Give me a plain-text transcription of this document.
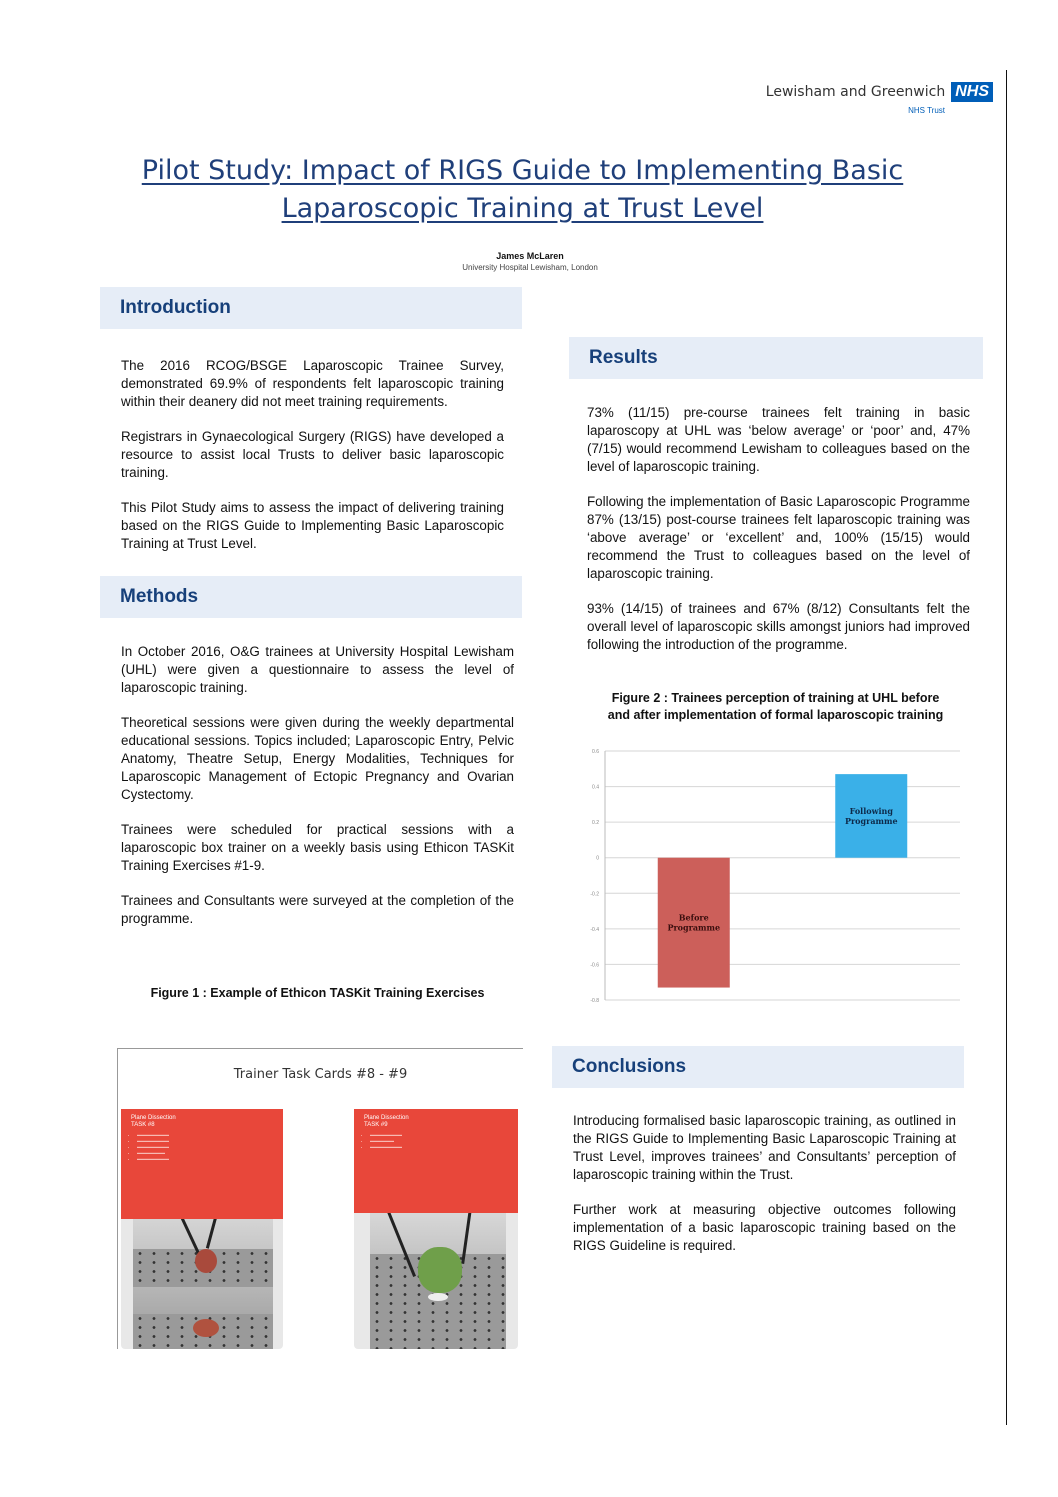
Lewisham and Greenwich NHS
NHS Trust
Pilot Study: Impact of RIGS Guide to Implementing Basic
Laparoscopic Training at Trust Level
James McLaren
University Hospital Lewisham, London
Introduction

The 2016 RCOG/BSGE Laparoscopic Trainee Survey, demonstrated 69.9% of respondents felt laparoscopic training within their deanery did not meet training requirements.

Registrars in Gynaecological Surgery (RIGS) have developed a resource to assist local Trusts to deliver basic laparoscopic training.

This Pilot Study aims to assess the impact of delivering training based on the RIGS Guide to Implementing Basic Laparoscopic Training at Trust Level.

Methods

In October 2016, O&G trainees at University Hospital Lewisham (UHL) were given a questionnaire to assess the level of laparoscopic training.

Theoretical sessions were given during the weekly departmental educational sessions. Topics included; Laparoscopic Entry, Pelvic Anatomy, Theatre Setup, Energy Modalities, Techniques for Laparoscopic Management of Ectopic Pregnancy and Ovarian Cystectomy.

Trainees were scheduled for practical sessions with a laparoscopic box trainer on a weekly basis using Ethicon TASKit Training Exercises #1-9.

Trainees and Consultants were surveyed at the completion of the programme.

Figure 1 : Example of Ethicon TASKit Training Exercises
Trainer Task Cards #8 - #9
Plane Dissection
TASK #8
• ▬▬▬▬▬▬▬▬
• ▬▬▬▬▬▬▬▬
• ▬▬▬▬▬▬▬▬
• ▬▬▬▬▬▬▬
• ▬▬▬▬▬▬▬▬
Plane Dissection
TASK #9
• ▬▬▬▬▬▬▬▬
• ▬▬▬▬▬▬
• ▬▬▬▬▬▬▬▬
Results

73% (11/15) pre-course trainees felt training in basic laparoscopy at UHL was ‘below average’ or ‘poor’ and, 47% (7/15) would recommend Lewisham to colleagues based on the level of laparoscopic training.

Following the implementation of Basic Laparoscopic Programme 87% (13/15) post-course trainees felt laparoscopic training was ‘above average’ or ‘excellent’ and, 100% (15/15) would recommend the Trust to colleagues based on the level of laparoscopic training.

93% (14/15) of trainees and 67% (8/12) Consultants felt the overall level of laparoscopic skills amongst juniors had improved following the introduction of the programme.

Figure 2 : Trainees perception of training at UHL before
and after implementation of formal laparoscopic training
0.6
0.4
0.2
0
-0.2
-0.4
-0.6
-0.8
Before Programme
Following Programme
Conclusions

Introducing formalised basic laparoscopic training, as outlined in the RIGS Guide to Implementing Basic Laparoscopic Training at Trust Level, improves trainees’ and Consultants’ perception of laparoscopic training within the Trust.

Further work at measuring objective outcomes following implementation of a basic laparoscopic training based on the RIGS Guideline is required.
